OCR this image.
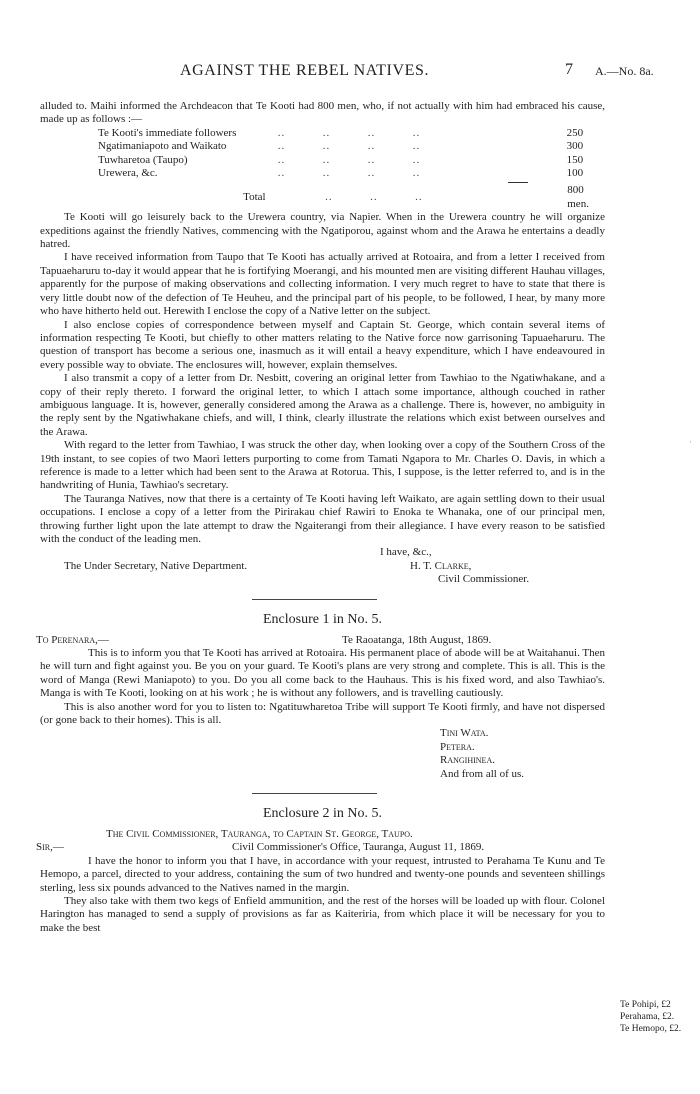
AGAINST THE REBEL NATIVES.	7 A.—No. 8a.

alluded to. Maihi informed the Archdeacon that Te Kooti had 800 men, who, if not actually with him had embraced his cause, made up as follows :—

Te Kooti's immediate followers	..          ..          ..          ..	250
Ngatimaniapoto and Waikato	..          ..          ..          ..	300
Tuwharetoa (Taupo)	..          ..          ..          ..	150
Urewera, &c.	..          ..          ..          ..	100
Total	..          ..          ..	800 men.

Te Kooti will go leisurely back to the Urewera country, via Napier. When in the Urewera country he will organize expeditions against the friendly Natives, commencing with the Ngatiporou, against whom and the Arawa he entertains a deadly hatred.

I have received information from Taupo that Te Kooti has actually arrived at Rotoaira, and from a letter I received from Tapuaeharuru to-day it would appear that he is fortifying Moerangi, and his mounted men are visiting different Hauhau villages, apparently for the purpose of making observations and collecting information. I very much regret to have to state that there is very little doubt now of the defection of Te Heuheu, and the principal part of his people, to be followed, I hear, by many more who have hitherto held out. Herewith I enclose the copy of a Native letter on the subject.

I also enclose copies of correspondence between myself and Captain St. George, which contain several items of information respecting Te Kooti, but chiefly to other matters relating to the Native force now garrisoning Tapuaeharuru. The question of transport has become a serious one, inasmuch as it will entail a heavy expenditure, which I have endeavoured in every possible way to obviate. The enclosures will, however, explain themselves.

I also transmit a copy of a letter from Dr. Nesbitt, covering an original letter from Tawhiao to the Ngatiwhakane, and a copy of their reply thereto. I forward the original letter, to which I attach some importance, although couched in rather ambiguous language. It is, however, generally considered among the Arawa as a challenge. There is, however, no ambiguity in the reply sent by the Ngatiwhakane chiefs, and will, I think, clearly illustrate the relations which exist between ourselves and the Arawa.

With regard to the letter from Tawhiao, I was struck the other day, when looking over a copy of the Southern Cross of the 19th instant, to see copies of two Maori letters purporting to come from Tamati Ngapora to Mr. Charles O. Davis, in which a reference is made to a letter which had been sent to the Arawa at Rotorua. This, I suppose, is the letter referred to, and is in the handwriting of Hunia, Tawhiao's secretary.

The Tauranga Natives, now that there is a certainty of Te Kooti having left Waikato, are again settling down to their usual occupations. I enclose a copy of a letter from the Pirirakau chief Rawiri to Enoka te Whanaka, one of our principal men, throwing further light upon the late attempt to draw the Ngaiterangi from their allegiance. I have every reason to be satisfied with the conduct of the leading men.

I have, &c.,
The Under Secretary, Native Department.	H. T. Clarke,
Civil Commissioner.
Enclosure 1 in No. 5.
To Perenara,—	Te Raoatanga, 18th August, 1869.

This is to inform you that Te Kooti has arrived at Rotoaira. His permanent place of abode will be at Waitahanui. Then he will turn and fight against you. Be you on your guard. Te Kooti's plans are very strong and complete. This is all. This is the word of Manga (Rewi Maniapoto) to you. Do you all come back to the Hauhaus. This is his fixed word, and also Tawhiao's. Manga is with Te Kooti, looking on at his work ; he is without any followers, and is travelling cautiously.

This is also another word for you to listen to: Ngatituwharetoa Tribe will support Te Kooti firmly, and have not dispersed (or gone back to their homes). This is all.

Tini Wata.
Petera.
Rangihinea.
And from all of us.
Enclosure 2 in No. 5.
The Civil Commissioner, Tauranga, to Captain St. George, Taupo.
Sir,—	Civil Commissioner's Office, Tauranga, August 11, 1869.

I have the honor to inform you that I have, in accordance with your request, intrusted to Perahama Te Kunu and Te Hemopo, a parcel, directed to your address, containing the sum of two hundred and twenty-one pounds and seventeen shillings sterling, less six pounds advanced to the Natives named in the margin.

They also take with them two kegs of Enfield ammunition, and the rest of the horses will be loaded up with flour. Colonel Harington has managed to send a supply of provisions as far as Kaiteriria, from which place it will be necessary for you to make the best

Te Pohipi, £2
Perahama, £2.
Te Hemopo, £2.
·
